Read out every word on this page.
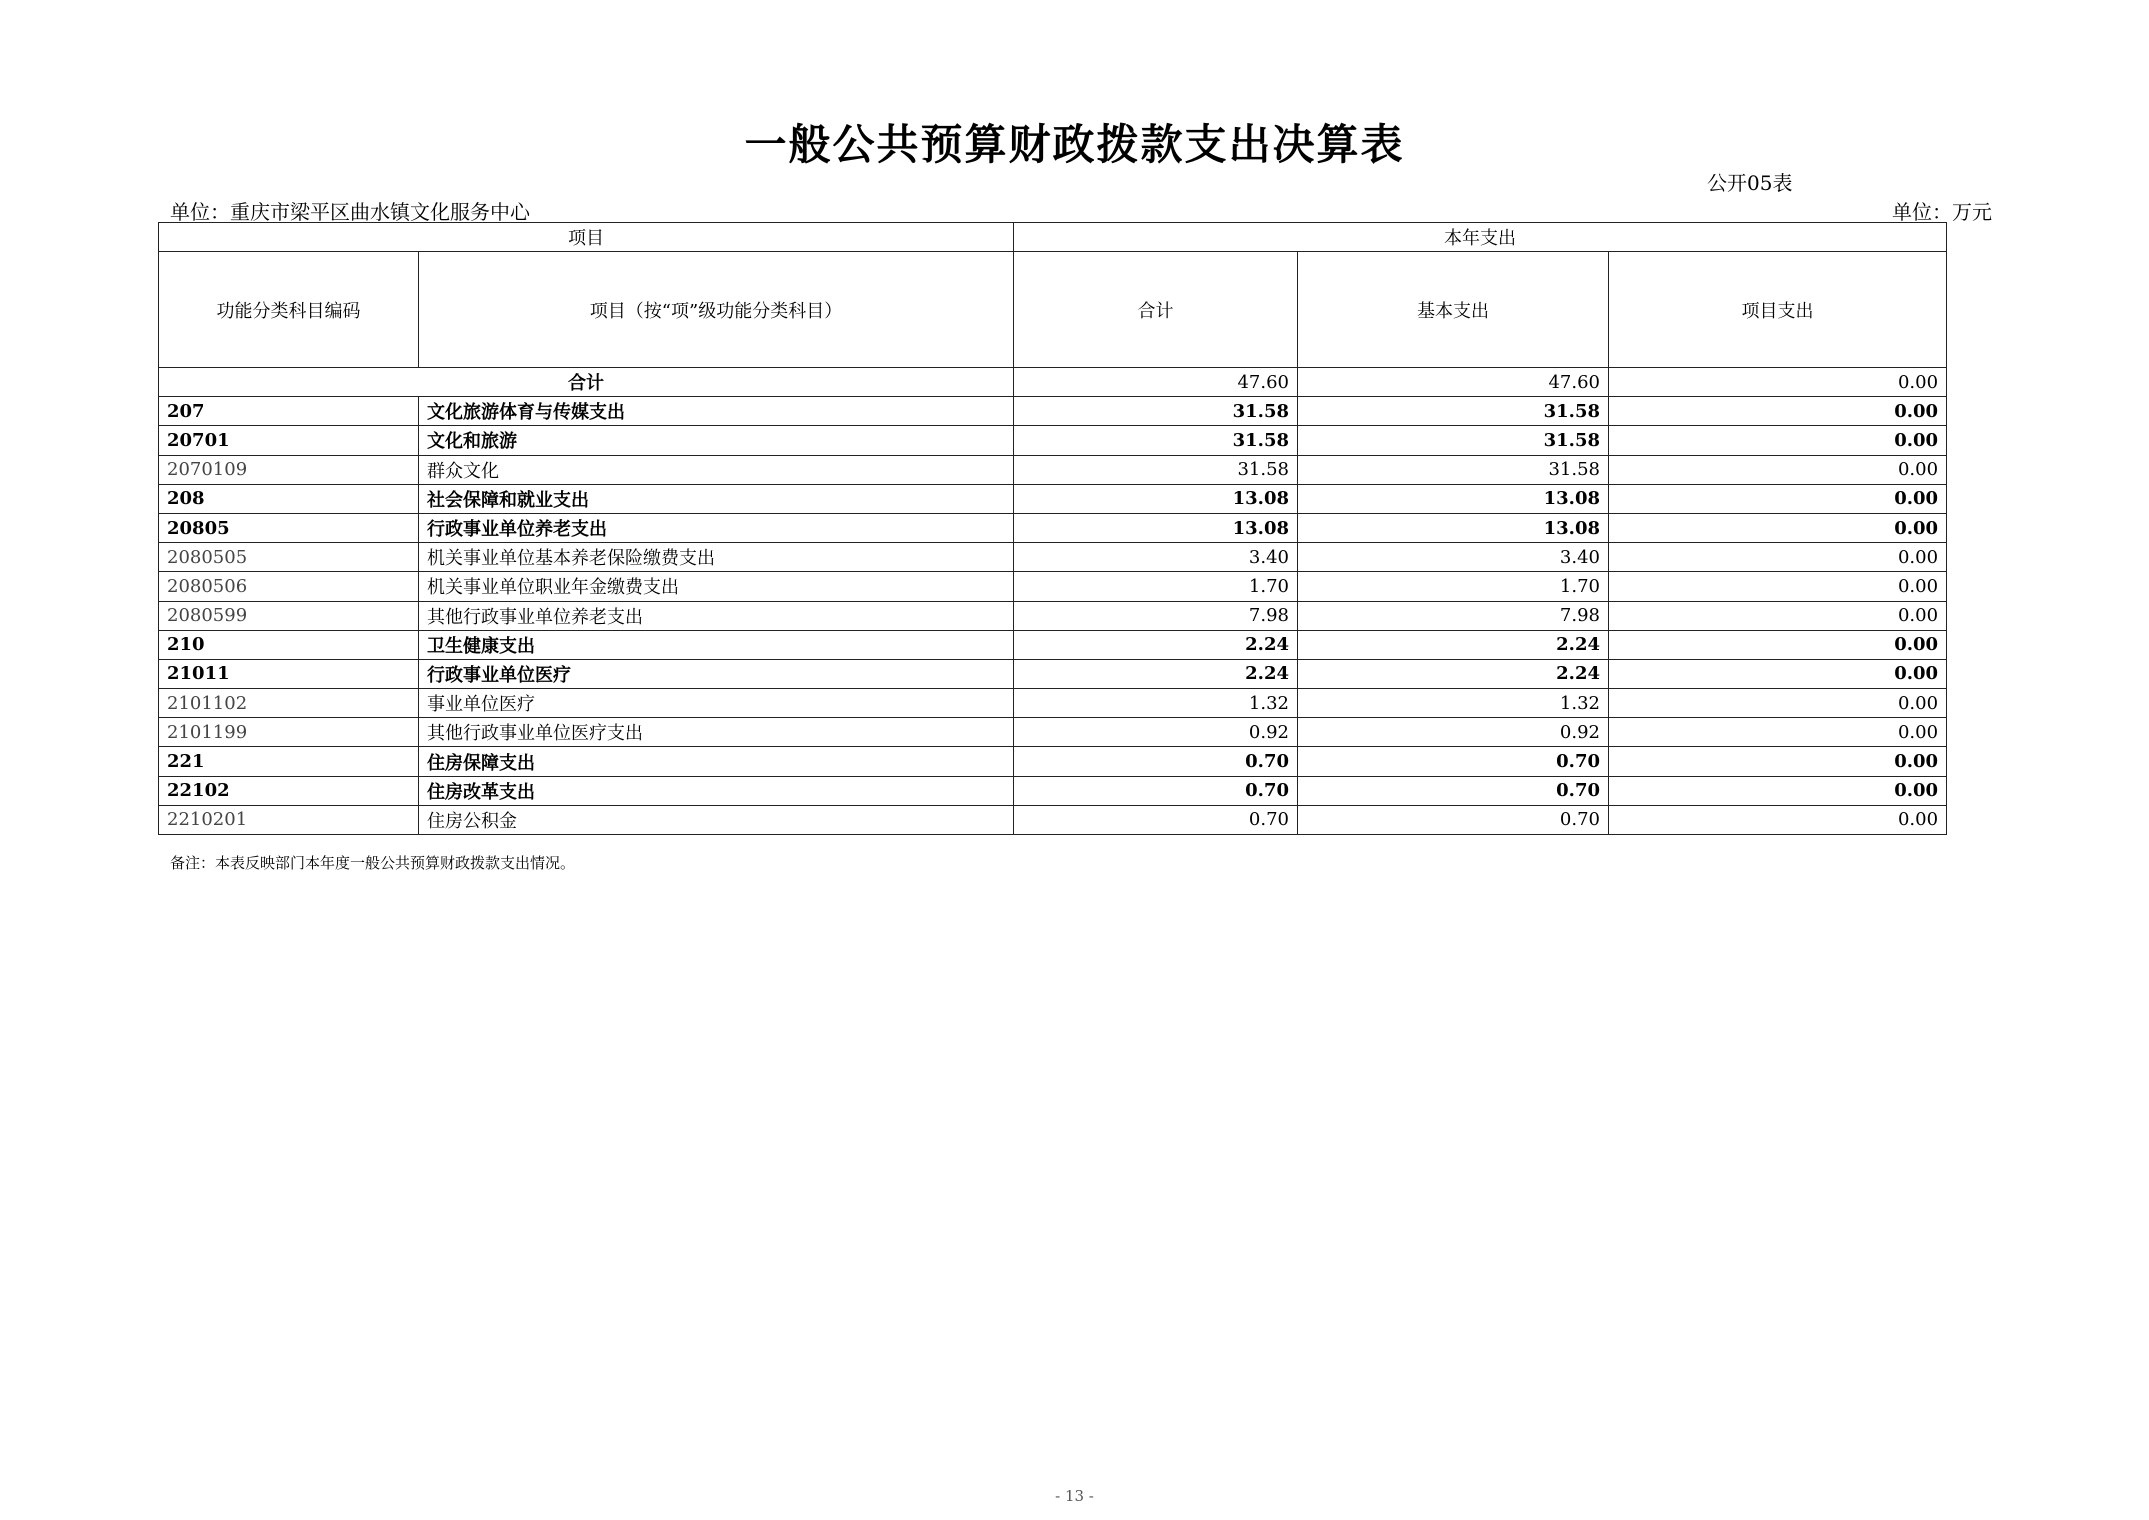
一般公共预算财政拨款支出决算表
公开05表
单位：重庆市梁平区曲水镇文化服务中心	单位：万元
项目		本年支出		
功能分类科目编码	项目（按“项”级功能分类科目）	合计	基本支出	项目支出
合计		47.60	47.60	0.00
207	文化旅游体育与传媒支出	31.58	31.58	0.00
20701	文化和旅游	31.58	31.58	0.00
2070109	群众文化	31.58	31.58	0.00
208	社会保障和就业支出	13.08	13.08	0.00
20805	行政事业单位养老支出	13.08	13.08	0.00
2080505	机关事业单位基本养老保险缴费支出	3.40	3.40	0.00
2080506	机关事业单位职业年金缴费支出	1.70	1.70	0.00
2080599	其他行政事业单位养老支出	7.98	7.98	0.00
210	卫生健康支出	2.24	2.24	0.00
21011	行政事业单位医疗	2.24	2.24	0.00
2101102	事业单位医疗	1.32	1.32	0.00
2101199	其他行政事业单位医疗支出	0.92	0.92	0.00
221	住房保障支出	0.70	0.70	0.00
22102	住房改革支出	0.70	0.70	0.00
2210201	住房公积金	0.70	0.70	0.00
备注：本表反映部门本年度一般公共预算财政拨款支出情况。
- 13 -
